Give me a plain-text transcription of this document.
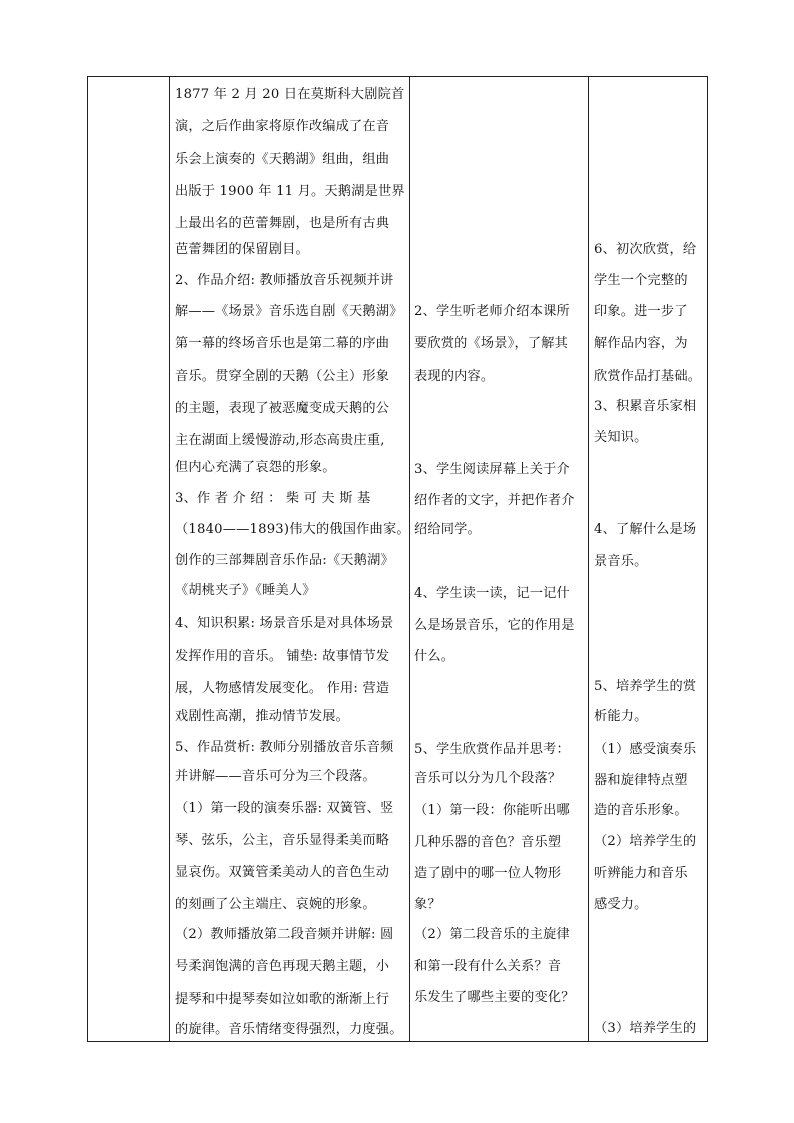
1877 年 2 月 20 日在莫斯科大剧院首
演，之后作曲家将原作改编成了在音
乐会上演奏的《天鹅湖》组曲，组曲
出版于 1900 年 11 月。天鹅湖是世界
上最出名的芭蕾舞剧，也是所有古典
芭蕾舞团的保留剧目。
2、作品介绍: 教师播放音乐视频并讲
解——《场景》音乐选自剧《天鹅湖》
第一幕的终场音乐也是第二幕的序曲
音乐。贯穿全剧的天鹅（公主）形象
的主题，表现了被恶魔变成天鹅的公
主在湖面上缓慢游动,形态高贵庄重,
但内心充满了哀怨的形象。
3、作 者 介 绍 ： 柴 可 夫 斯 基
（1840——1893)伟大的俄国作曲家。
创作的三部舞剧音乐作品:《天鹅湖》
《胡桃夹子》《睡美人》
4、知识积累: 场景音乐是对具体场景
发挥作用的音乐。 铺垫: 故事情节发
展，人物感情发展变化。 作用: 营造
戏剧性高潮，推动情节发展。
5、作品赏析: 教师分别播放音乐音频
并讲解——音乐可分为三个段落。
（1）第一段的演奏乐器: 双簧管、竖
琴、弦乐，公主，音乐显得柔美而略
显哀伤。双簧管柔美动人的音色生动
的刻画了公主端庄、哀婉的形象。
（2）教师播放第二段音频并讲解: 圆
号柔润饱满的音色再现天鹅主题，小
提琴和中提琴奏如泣如歌的渐渐上行
的旋律。音乐情绪变得强烈，力度强。
2、学生听老师介绍本课所
要欣赏的《场景》，了解其
表现的内容。
3、学生阅读屏幕上关于介
绍作者的文字，并把作者介
绍给同学。
4、学生读一读，记一记什
么是场景音乐，它的作用是
什么。
5、学生欣赏作品并思考：
音乐可以分为几个段落？
（1）第一段：你能听出哪
几种乐器的音色？音乐塑
造了剧中的哪一位人物形
象？
（2）第二段音乐的主旋律
和第一段有什么关系？音
乐发生了哪些主要的变化？
6、初次欣赏，给
学生一个完整的
印象。进一步了
解作品内容，为
欣赏作品打基础。
3、积累音乐家相
关知识。
4、了解什么是场
景音乐。
5、培养学生的赏
析能力。
（1）感受演奏乐
器和旋律特点塑
造的音乐形象。
（2）培养学生的
听辨能力和音乐
感受力。
（3）培养学生的
